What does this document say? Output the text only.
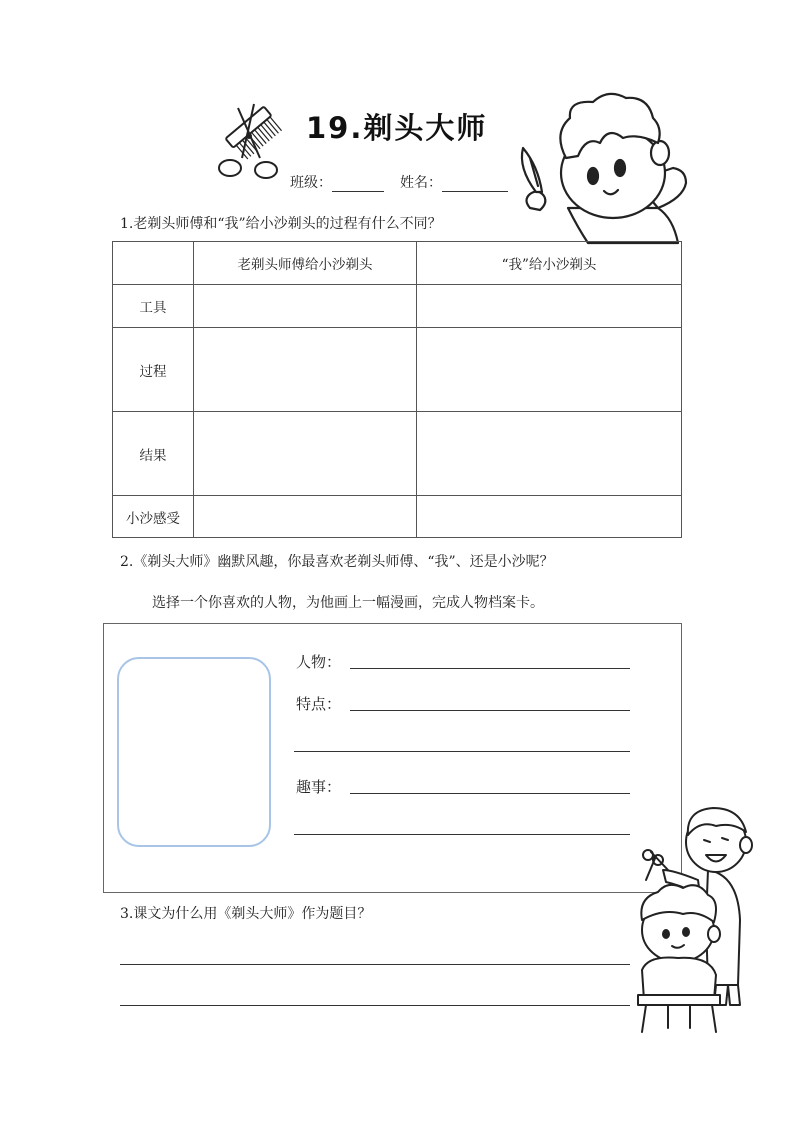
19.剃头大师
班级：	姓名：
1.老剃头师傅和“我”给小沙剃头的过程有什么不同？
	老剃头师傅给小沙剃头	“我”给小沙剃头
工具		
过程		
结果		
小沙感受		
2.《剃头大师》幽默风趣，你最喜欢老剃头师傅、“我”、还是小沙呢？
选择一个你喜欢的人物，为他画上一幅漫画，完成人物档案卡。
人物：
特点：
趣事：
3.课文为什么用《剃头大师》作为题目？
